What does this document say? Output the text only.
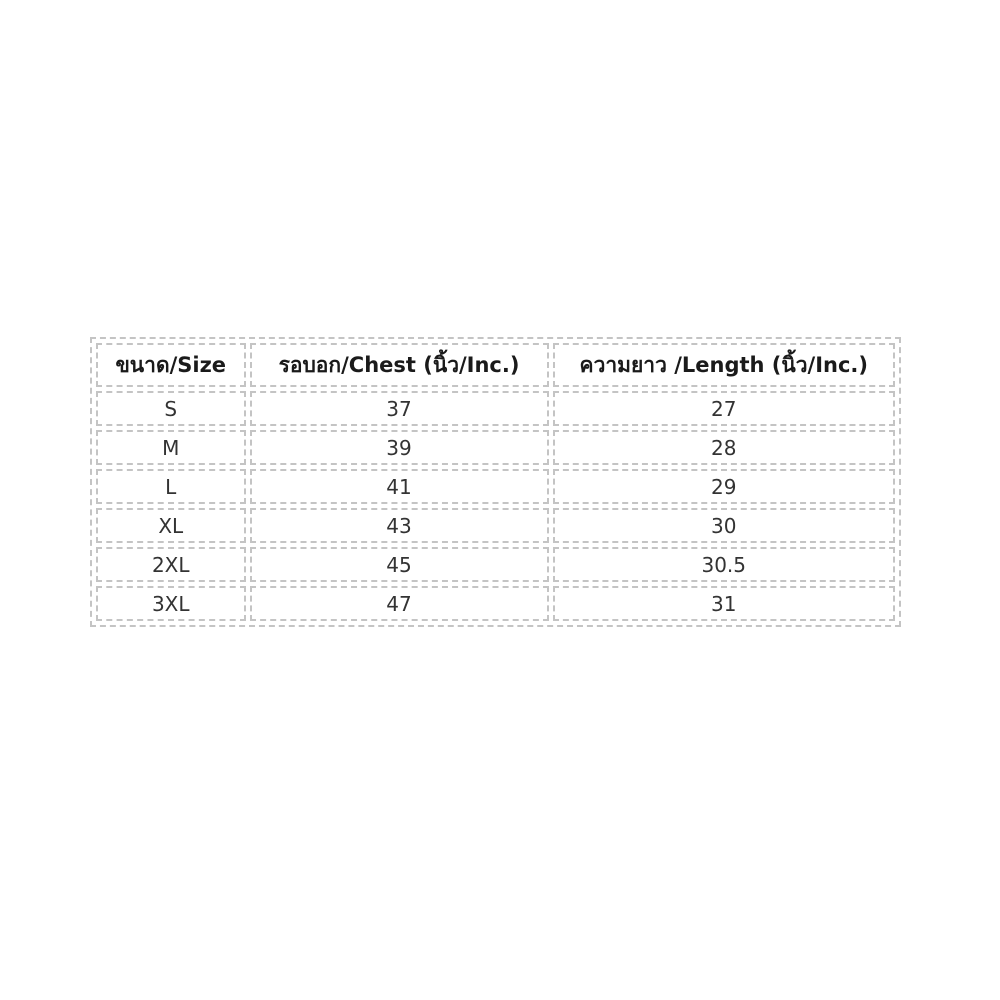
ขนาด/Size	รอบอก/Chest (นิ้ว/Inc.)	ความยาว /Length (นิ้ว/Inc.)
S	37	27
M	39	28
L	41	29
XL	43	30
2XL	45	30.5
3XL	47	31
